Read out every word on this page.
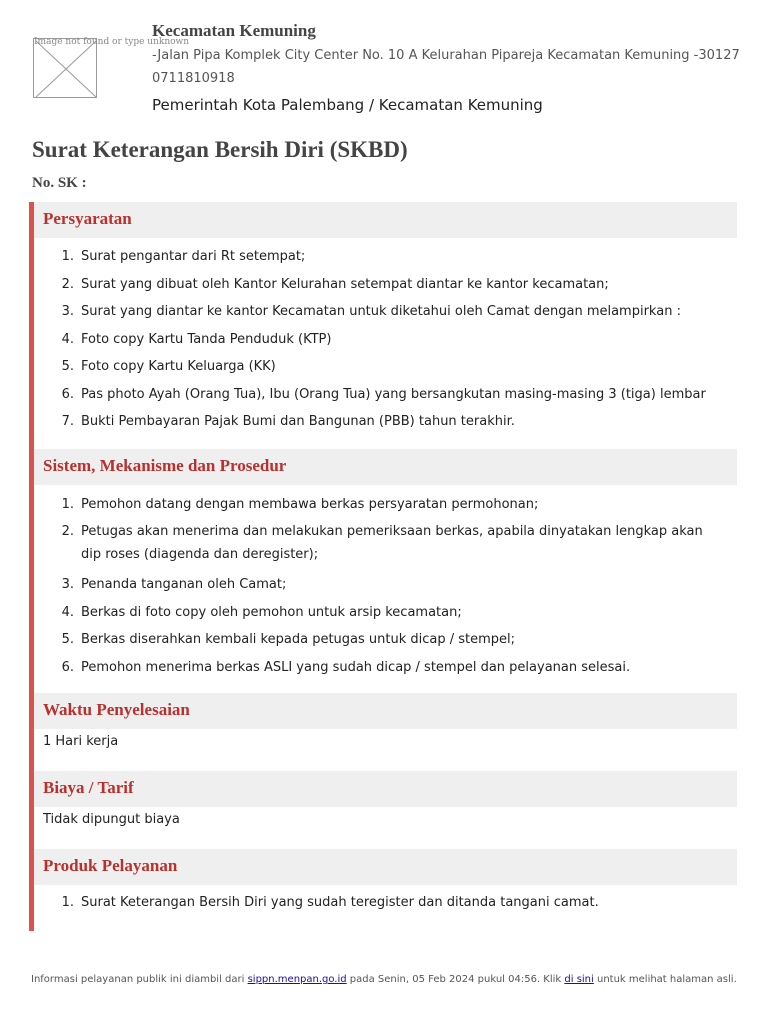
Image not found or type unknown
Kecamatan Kemuning
-Jalan Pipa Komplek City Center No. 10 A Kelurahan Pipareja Kecamatan Kemuning -30127
0711810918
Pemerintah Kota Palembang / Kecamatan Kemuning
Surat Keterangan Bersih Diri (SKBD)
No. SK :
Persyaratan
1. Surat pengantar dari Rt setempat;
2. Surat yang dibuat oleh Kantor Kelurahan setempat diantar ke kantor kecamatan;
3. Surat yang diantar ke kantor Kecamatan untuk diketahui oleh Camat dengan melampirkan :
4. Foto copy Kartu Tanda Penduduk (KTP)
5. Foto copy Kartu Keluarga (KK)
6. Pas photo Ayah (Orang Tua), Ibu (Orang Tua) yang bersangkutan masing-masing 3 (tiga) lembar
7. Bukti Pembayaran Pajak Bumi dan Bangunan (PBB) tahun terakhir.
Sistem, Mekanisme dan Prosedur
1. Pemohon datang dengan membawa berkas persyaratan permohonan;
2. Petugas akan menerima dan melakukan pemeriksaan berkas, apabila dinyatakan lengkap akan dip roses (diagenda dan deregister);
3. Penanda tanganan oleh Camat;
4. Berkas di foto copy oleh pemohon untuk arsip kecamatan;
5. Berkas diserahkan kembali kepada petugas untuk dicap / stempel;
6. Pemohon menerima berkas ASLI yang sudah dicap / stempel dan pelayanan selesai.
Waktu Penyelesaian
1 Hari kerja
Biaya / Tarif
Tidak dipungut biaya
Produk Pelayanan
1. Surat Keterangan Bersih Diri yang sudah teregister dan ditanda tangani camat.
Informasi pelayanan publik ini diambil dari sippn.menpan.go.id pada Senin, 05 Feb 2024 pukul 04:56. Klik di sini untuk melihat halaman asli.
